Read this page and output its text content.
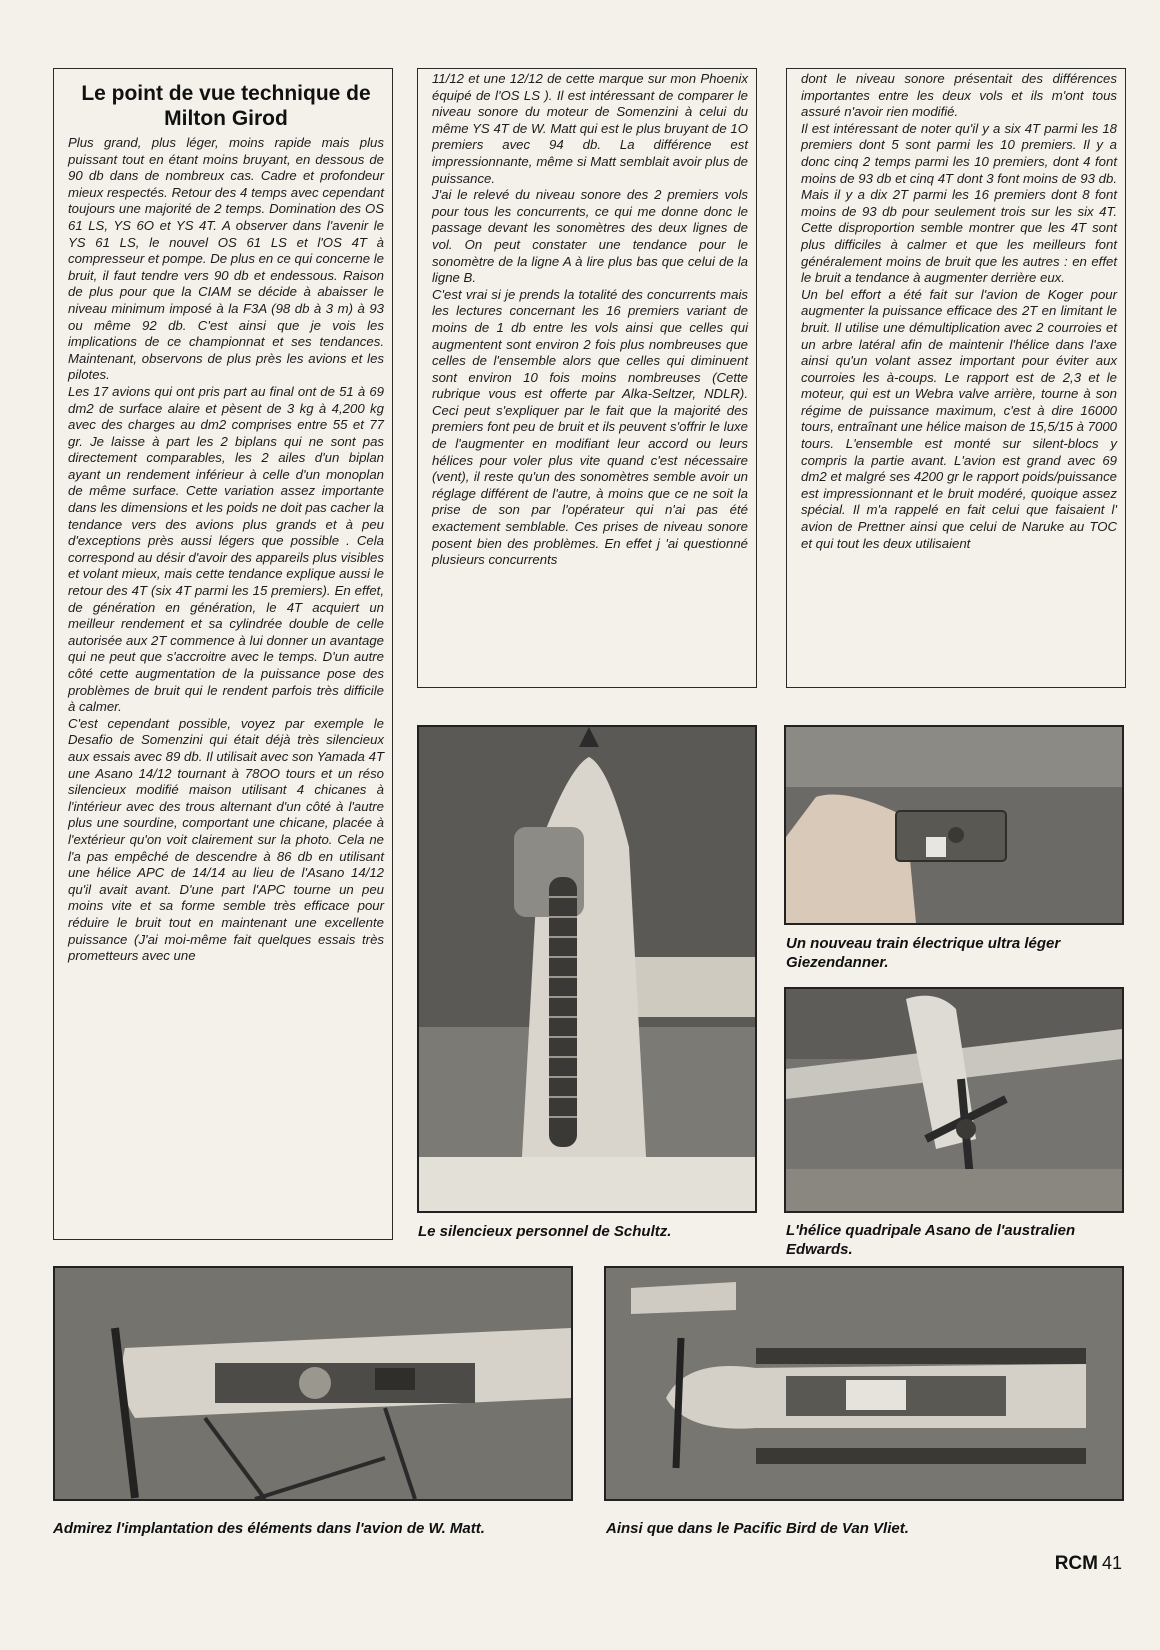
Le point de vue technique de Milton Girod

Plus grand, plus léger, moins rapide mais plus puissant tout en étant moins bruyant, en dessous de 90 db dans de nombreux cas. Cadre et profondeur mieux respectés. Retour des 4 temps avec cependant toujours une majorité de 2 temps. Domination des OS 61 LS, YS 6O et YS 4T. A observer dans l'avenir le YS 61 LS, le nouvel OS 61 LS et l'OS 4T à compresseur et pompe. De plus en ce qui concerne le bruit, il faut tendre vers 90 db et endessous. Raison de plus pour que la CIAM se décide à abaisser le niveau minimum imposé à la F3A (98 db à 3 m) à 93 ou même 92 db. C'est ainsi que je vois les implications de ce championnat et ses tendances. Maintenant, observons de plus près les avions et les pilotes.

Les 17 avions qui ont pris part au final ont de 51 à 69 dm2 de surface alaire et pèsent de 3 kg à 4,200 kg avec des charges au dm2 comprises entre 55 et 77 gr. Je laisse à part les 2 biplans qui ne sont pas directement comparables, les 2 ailes d'un biplan ayant un rendement inférieur à celle d'un monoplan de même surface. Cette variation assez importante dans les dimensions et les poids ne doit pas cacher la tendance vers des avions plus grands et à peu d'exceptions près aussi légers que possible . Cela correspond au désir d'avoir des appareils plus visibles et volant mieux, mais cette tendance explique aussi le retour des 4T (six 4T parmi les 15 premiers). En effet, de génération en génération, le 4T acquiert un meilleur rendement et sa cylindrée double de celle autorisée aux 2T commence à lui donner un avantage qui ne peut que s'accroitre avec le temps. D'un autre côté cette augmentation de la puissance pose des problèmes de bruit qui le rendent parfois très difficile à calmer.

C'est cependant possible, voyez par exemple le Desafio de Somenzini qui était déjà très silencieux aux essais avec 89 db. Il utilisait avec son Yamada 4T une Asano 14/12 tournant à 78OO tours et un réso silencieux modifié maison utilisant 4 chicanes à l'intérieur avec des trous alternant d'un côté à l'autre plus une sourdine, comportant une chicane, placée à l'extérieur qu'on voit clairement sur la photo. Cela ne l'a pas empêché de descendre à 86 db en utilisant une hélice APC de 14/14 au lieu de l'Asano 14/12 qu'il avait avant. D'une part l'APC tourne un peu moins vite et sa forme semble très efficace pour réduire le bruit tout en maintenant une excellente puissance (J'ai moi-même fait quelques essais très prometteurs avec une

11/12 et une 12/12 de cette marque sur mon Phoenix équipé de l'OS LS ). Il est intéressant de comparer le niveau sonore du moteur de Somenzini à celui du même YS 4T de W. Matt qui est le plus bruyant de 1O premiers avec 94 db. La différence est impressionnante, même si Matt semblait avoir plus de puissance.

J'ai le relevé du niveau sonore des 2 premiers vols pour tous les concurrents, ce qui me donne donc le passage devant les sonomètres des deux lignes de vol. On peut constater une tendance pour le sonomètre de la ligne A à lire plus bas que celui de la ligne B.

C'est vrai si je prends la totalité des concurrents mais les lectures concernant les 16 premiers variant de moins de 1 db entre les vols ainsi que celles qui augmentent sont environ 2 fois plus nombreuses que celles de l'ensemble alors que celles qui diminuent sont environ 10 fois moins nombreuses (Cette rubrique vous est offerte par Alka-Seltzer, NDLR). Ceci peut s'expliquer par le fait que la majorité des premiers font peu de bruit et ils peuvent s'offrir le luxe de l'augmenter en modifiant leur accord ou leurs hélices pour voler plus vite quand c'est nécessaire (vent), il reste qu'un des sonomètres semble avoir un réglage différent de l'autre, à moins que ce ne soit la prise de son par l'opérateur qui n'ai pas été exactement semblable. Ces prises de niveau sonore posent bien des problèmes. En effet j 'ai questionné plusieurs concurrents

dont le niveau sonore présentait des différences importantes entre les deux vols et ils m'ont tous assuré n'avoir rien modifié.

Il est intéressant de noter qu'il y a six 4T parmi les 18 premiers dont 5 sont parmi les 10 premiers. Il y a donc cinq 2 temps parmi les 10 premiers, dont 4 font moins de 93 db et cinq 4T dont 3 font moins de 93 db. Mais il y a dix 2T parmi les 16 premiers dont 8 font moins de 93 db pour seulement trois sur les six 4T. Cette disproportion semble montrer que les 4T sont plus difficiles à calmer et que les meilleurs font généralement moins de bruit que les autres : en effet le bruit a tendance à augmenter derrière eux.

Un bel effort a été fait sur l'avion de Koger pour augmenter la puissance efficace des 2T en limitant le bruit. Il utilise une démultiplication avec 2 courroies et un arbre latéral afin de maintenir l'hélice dans l'axe ainsi qu'un volant assez important pour éviter aux courroies les à-coups. Le rapport est de 2,3 et le moteur, qui est un Webra valve arrière, tourne à son régime de puissance maximum, c'est à dire 16000 tours, entraînant une hélice maison de 15,5/15 à 7000 tours. L'ensemble est monté sur silent-blocs y compris la partie avant. L'avion est grand avec 69 dm2 et malgré ses 4200 gr le rapport poids/puissance est impressionnant et le bruit modéré, quoique assez spécial. Il m'a rappelé en fait celui que faisaient l' avion de Prettner ainsi que celui de Naruke au TOC et qui tout les deux utilisaient

Le silencieux personnel de Schultz.
Un nouveau train électrique ultra léger Giezendanner.
L'hélice quadripale Asano de l'australien Edwards.
Admirez l'implantation des éléments dans l'avion de W. Matt.	Ainsi que dans le Pacific Bird de Van Vliet.
RCM 41
